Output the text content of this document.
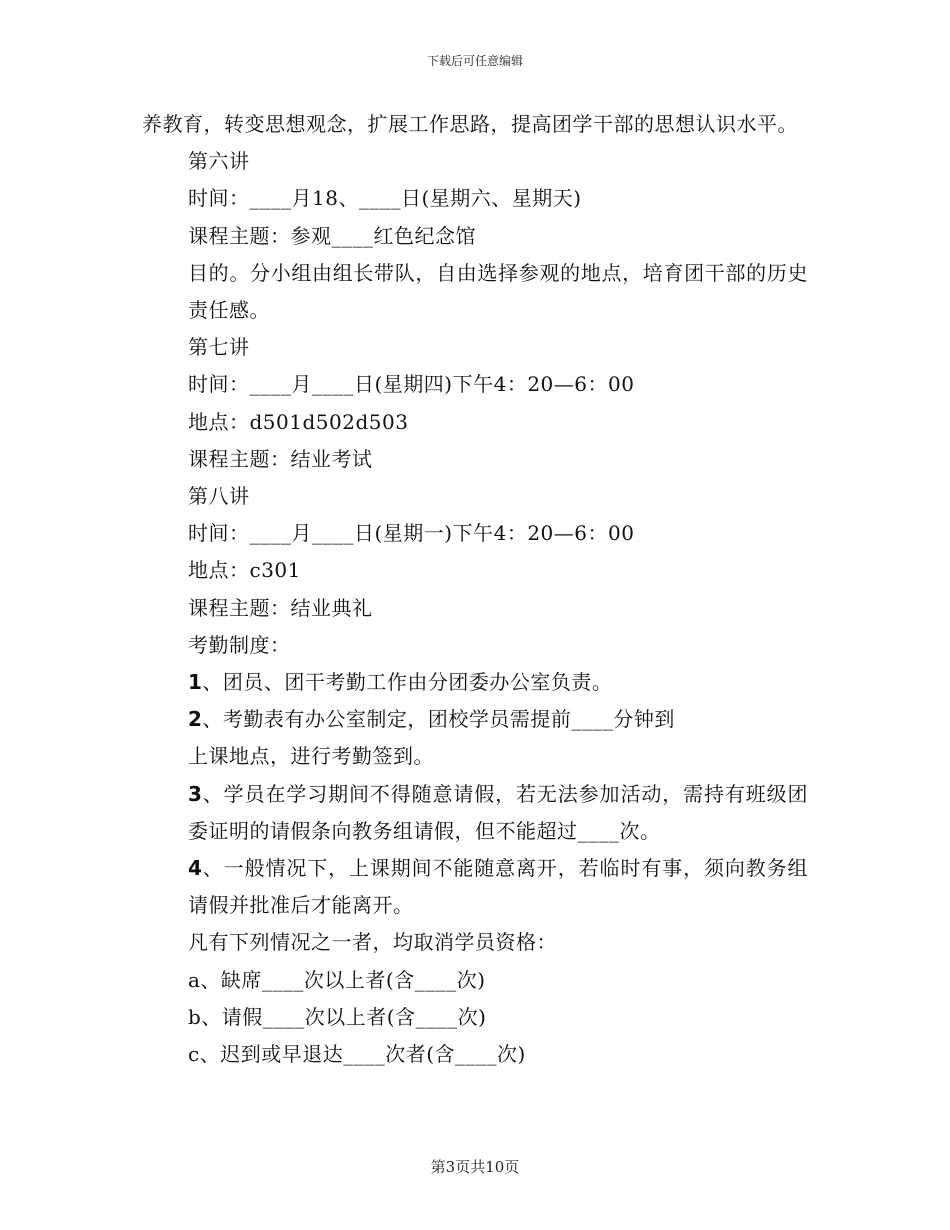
下载后可任意编辑

养教育，转变思想观念，扩展工作思路，提高团学干部的思想认识水平。

第六讲

时间：____月18、____日(星期六、星期天)

课程主题：参观____红色纪念馆

目的。分小组由组长带队，自由选择参观的地点，培育团干部的历史责任感。

第七讲

时间：____月____日(星期四)下午4：20—6：00

地点：d501d502d503

课程主题：结业考试

第八讲

时间：____月____日(星期一)下午4：20—6：00

地点：c301

课程主题：结业典礼

考勤制度：

1、团员、团干考勤工作由分团委办公室负责。

2、考勤表有办公室制定，团校学员需提前____分钟到

上课地点，进行考勤签到。

3、学员在学习期间不得随意请假，若无法参加活动，需持有班级团委证明的请假条向教务组请假，但不能超过____次。

4、一般情况下，上课期间不能随意离开，若临时有事，须向教务组请假并批准后才能离开。

凡有下列情况之一者，均取消学员资格：

a、缺席____次以上者(含____次)

b、请假____次以上者(含____次)

c、迟到或早退达____次者(含____次)

第3页共10页
